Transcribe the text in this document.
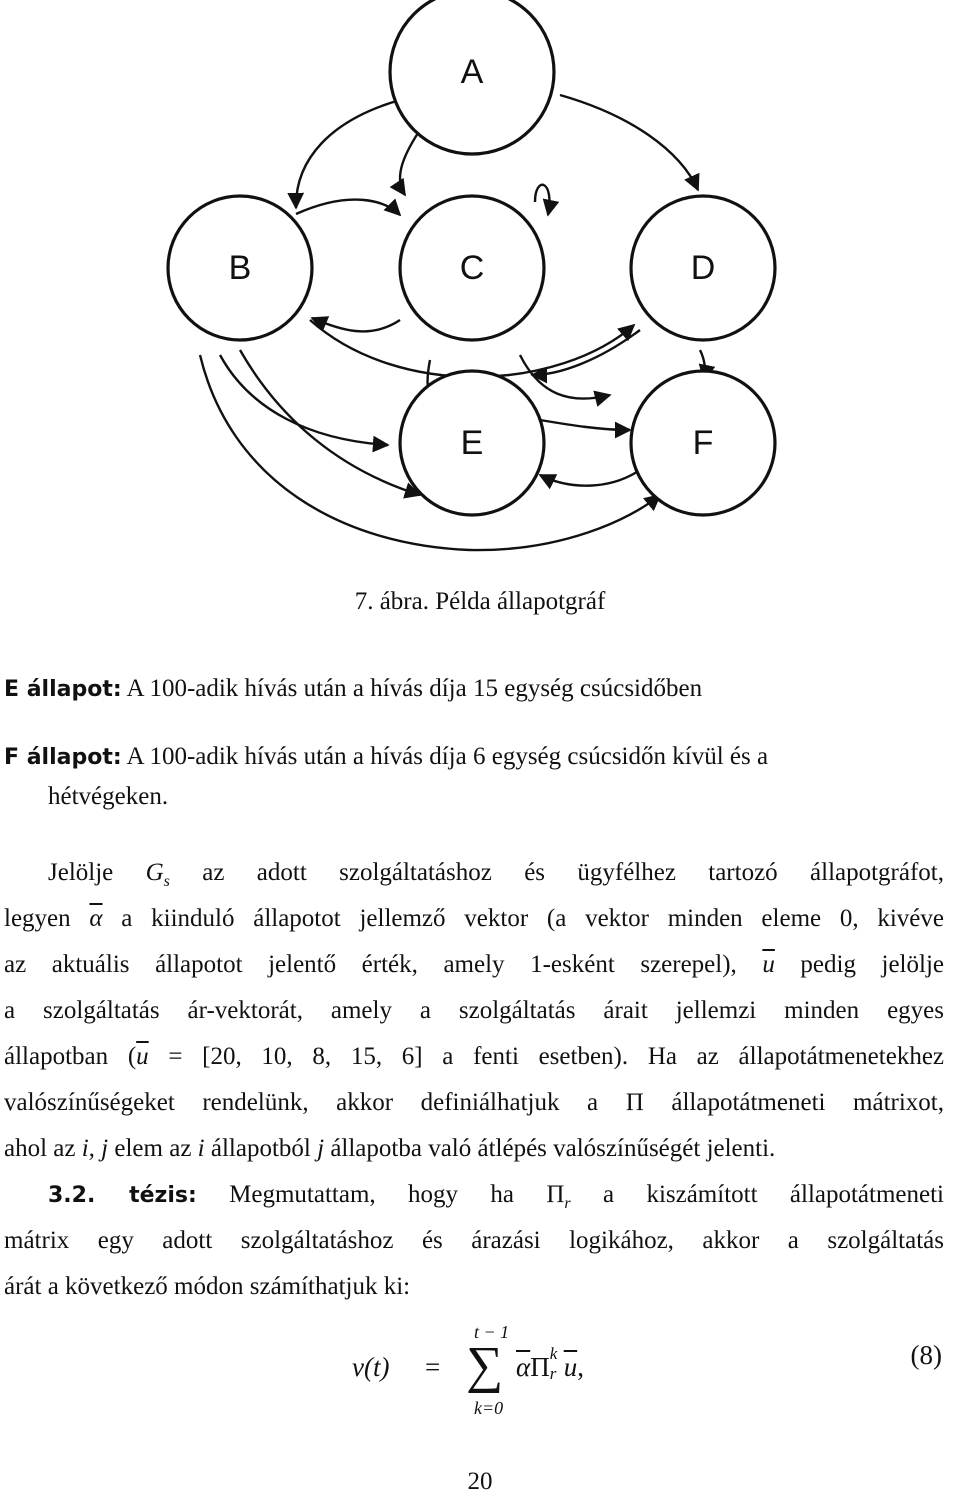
A
B	C	D
E	F
7. ábra. Példa állapotgráf
E állapot: A 100-adik hívás után a hívás díja 15 egység csúcsidőben
F állapot: A 100-adik hívás után a hívás díja 6 egység csúcsidőn kívül és a
hétvégeken.
Jelölje $G_s$ az adott szolgáltatáshoz és ügyfélhez tartozó állapotgráfot,
legyen $\overline{\alpha}$ a kiinduló állapotot jellemző vektor (a vektor minden eleme 0, kivéve
az aktuális állapotot jelentő érték, amely 1-esként szerepel), $\overline{u}$ pedig jelölje
a szolgáltatás ár-vektorát, amely a szolgáltatás árait jellemzi minden egyes
állapotban ($\overline{u} = [20$, 10, 8, 15, 6] a fenti esetben). Ha az állapotátmenetekhez
valószínűségeket rendelünk, akkor definiálhatjuk a Π állapotátmeneti mátrixot,
ahol az i, j elem az i állapotból j állapotba való átlépés valószínűségét jelenti.
3.2. tézis: Megmutattam, hogy ha $\Pi_r$ a kiszámított állapotátmeneti
mátrix egy adott szolgáltatáshoz és árazási logikához, akkor a szolgáltatás
árát a következő módon számíthatjuk ki:
v(t) =
t − 1
∑
k=0
$\overline{\alpha}\Pi$ k
r $\overline{u}$,	(8)
20
